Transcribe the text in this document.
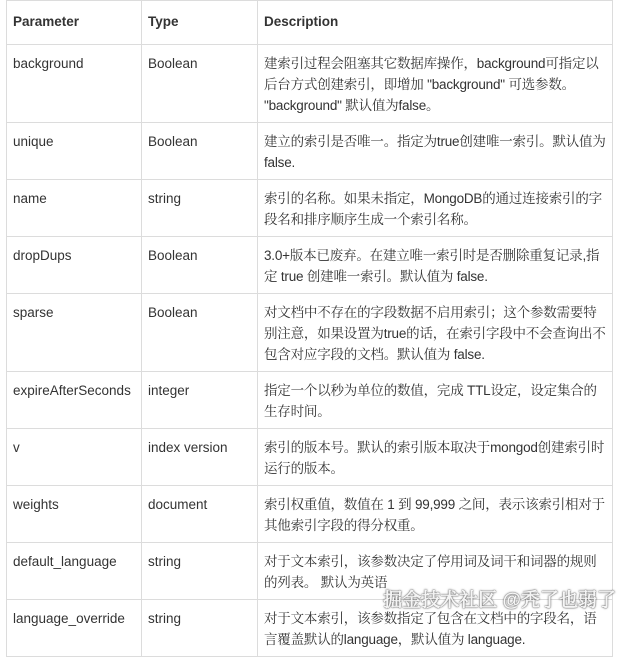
Parameter	Type	Description
background	Boolean	建索引过程会阻塞其它数据库操作，background可指定以后台方式创建索引，即增加 "background" 可选参数。 "background" 默认值为false。
unique	Boolean	建立的索引是否唯一。指定为true创建唯一索引。默认值为false.
name	string	索引的名称。如果未指定，MongoDB的通过连接索引的字段名和排序顺序生成一个索引名称。
dropDups	Boolean	3.0+版本已废弃。在建立唯一索引时是否删除重复记录,指定 true 创建唯一索引。默认值为 false.
sparse	Boolean	对文档中不存在的字段数据不启用索引；这个参数需要特别注意，如果设置为true的话，在索引字段中不会查询出不包含对应字段的文档。默认值为 false.
expireAfterSeconds	integer	指定一个以秒为单位的数值，完成 TTL设定，设定集合的生存时间。
v	index version	索引的版本号。默认的索引版本取决于mongod创建索引时运行的版本。
weights	document	索引权重值，数值在 1 到 99,999 之间，表示该索引相对于其他索引字段的得分权重。
default_language	string	对于文本索引，该参数决定了停用词及词干和词器的规则的列表。 默认为英语
language_override	string	对于文本索引，该参数指定了包含在文档中的字段名，语言覆盖默认的language，默认值为 language.
掘金技术社区 @秃了也弱了
